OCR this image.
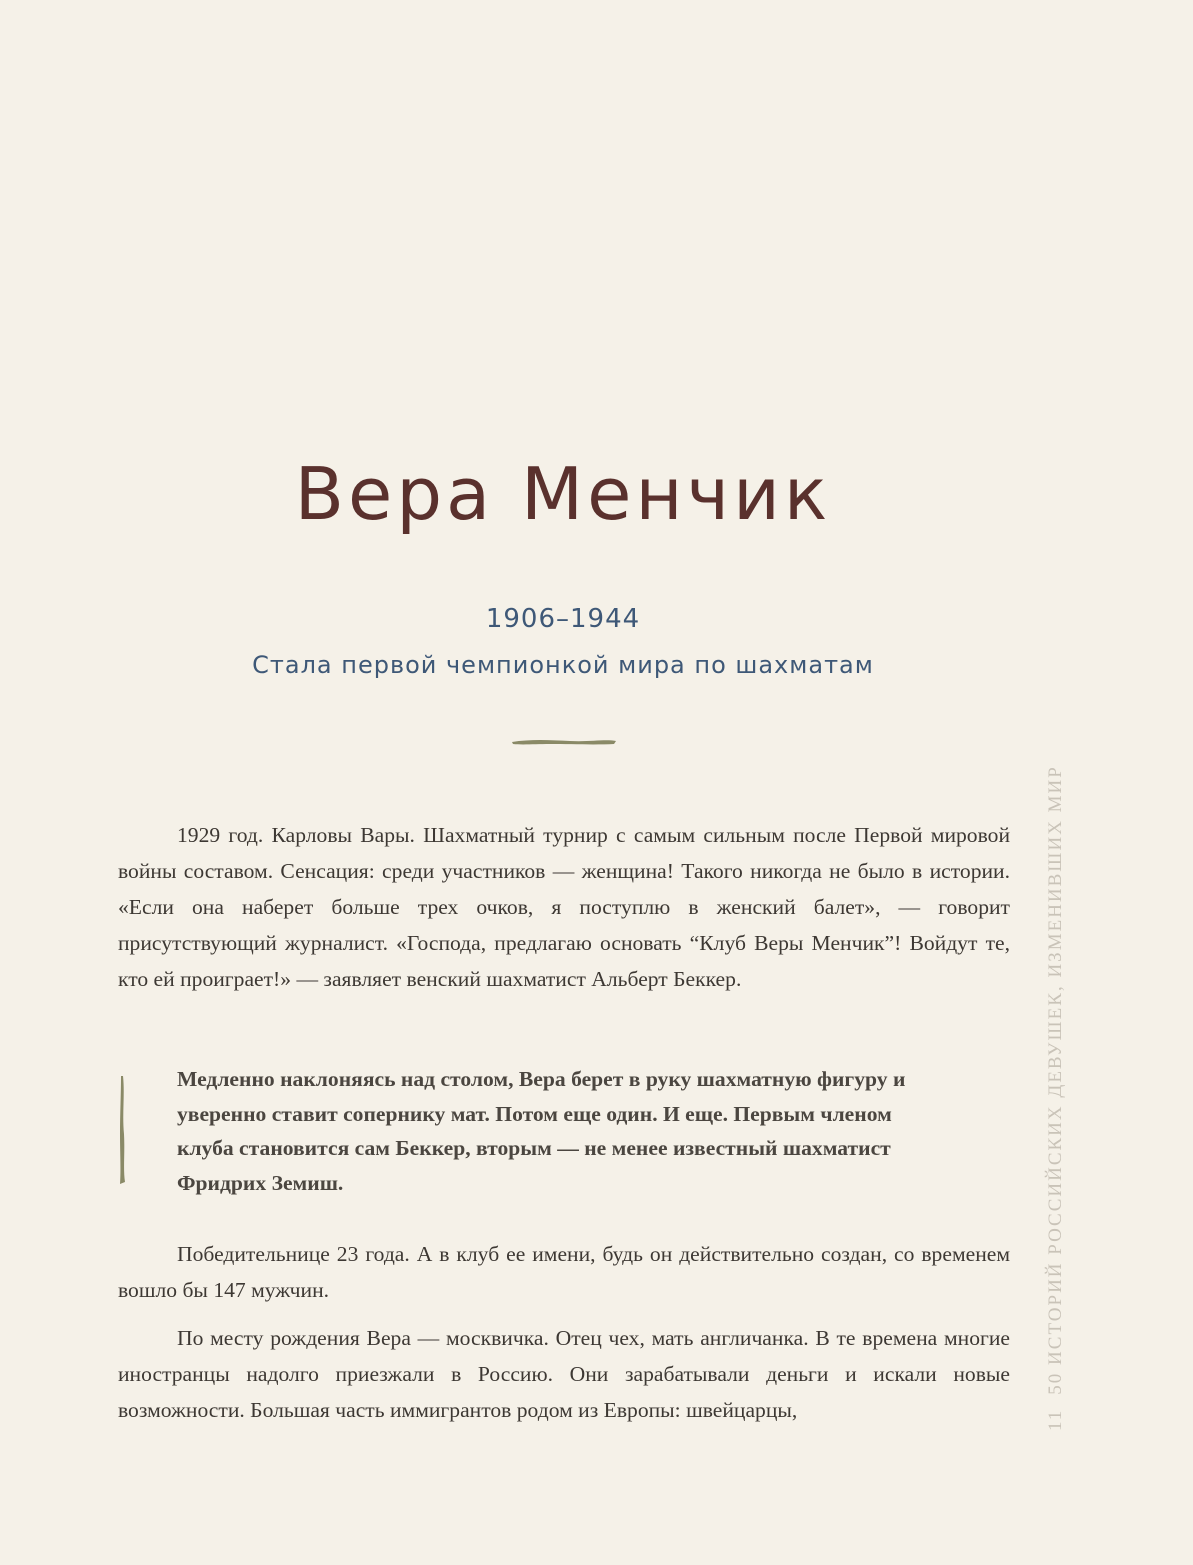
Вера Менчик
1906–1944
Стала первой чемпионкой мира по шахматам

1929 год. Карловы Вары. Шахматный турнир с самым сильным после Первой мировой войны составом. Сенсация: среди участников — женщина! Такого никогда не было в истории. «Если она наберет больше трех очков, я поступлю в женский балет», — говорит присутствующий журналист. «Господа, предлагаю основать “Клуб Веры Менчик”! Войдут те, кто ей проиграет!» — заявляет венский шахматист Альберт Беккер.

Медленно наклоняясь над столом, Вера берет в руку шахматную фигуру и уверенно ставит сопернику мат. Потом еще один. И еще. Первым членом клуба становится сам Беккер, вторым — не менее известный шахматист Фридрих Земиш.

Победительнице 23 года. А в клуб ее имени, будь он действительно создан, со временем вошло бы 147 мужчин.

По месту рождения Вера — москвичка. Отец чех, мать англичанка. В те времена многие иностранцы надолго приезжали в Россию. Они зарабатывали деньги и искали новые возможности. Большая часть иммигрантов родом из Европы: швейцарцы,	1150 ИСТОРИЙ РОССИЙСКИХ ДЕВУШЕК, ИЗМЕНИВШИХ МИР
